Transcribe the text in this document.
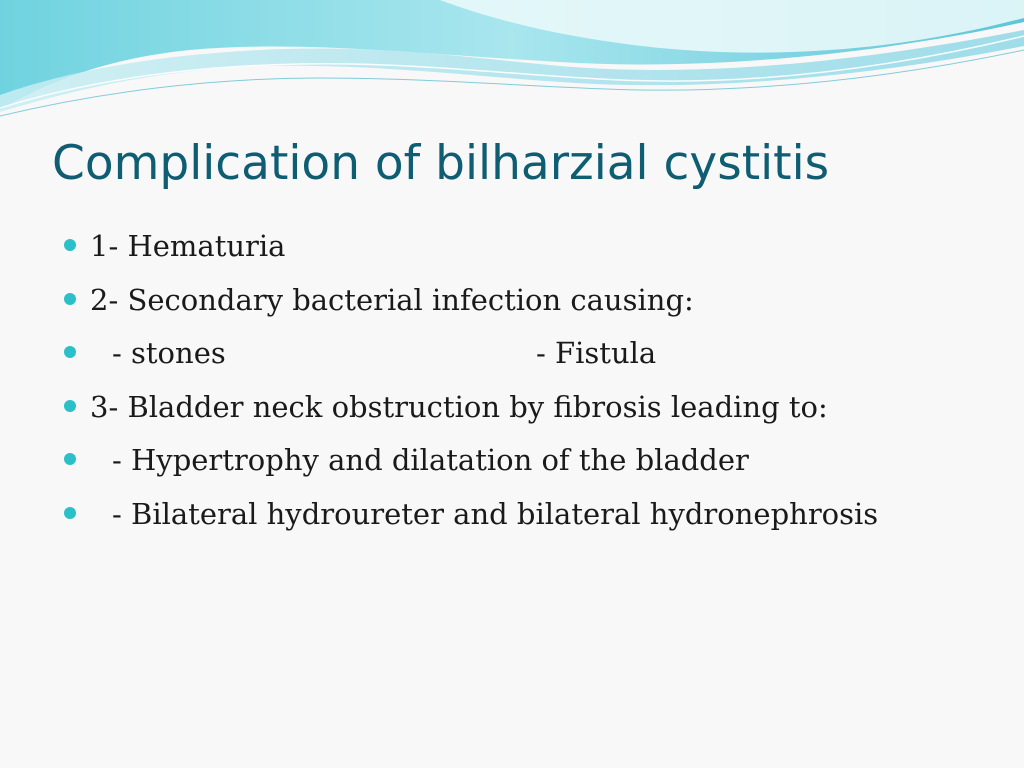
Complication of bilharzial cystitis
1- Hematuria
2- Secondary bacterial infection causing:
- stones	- Fistula
3- Bladder neck obstruction by fibrosis leading to:
- Hypertrophy and dilatation of the bladder
- Bilateral hydroureter and bilateral hydronephrosis
